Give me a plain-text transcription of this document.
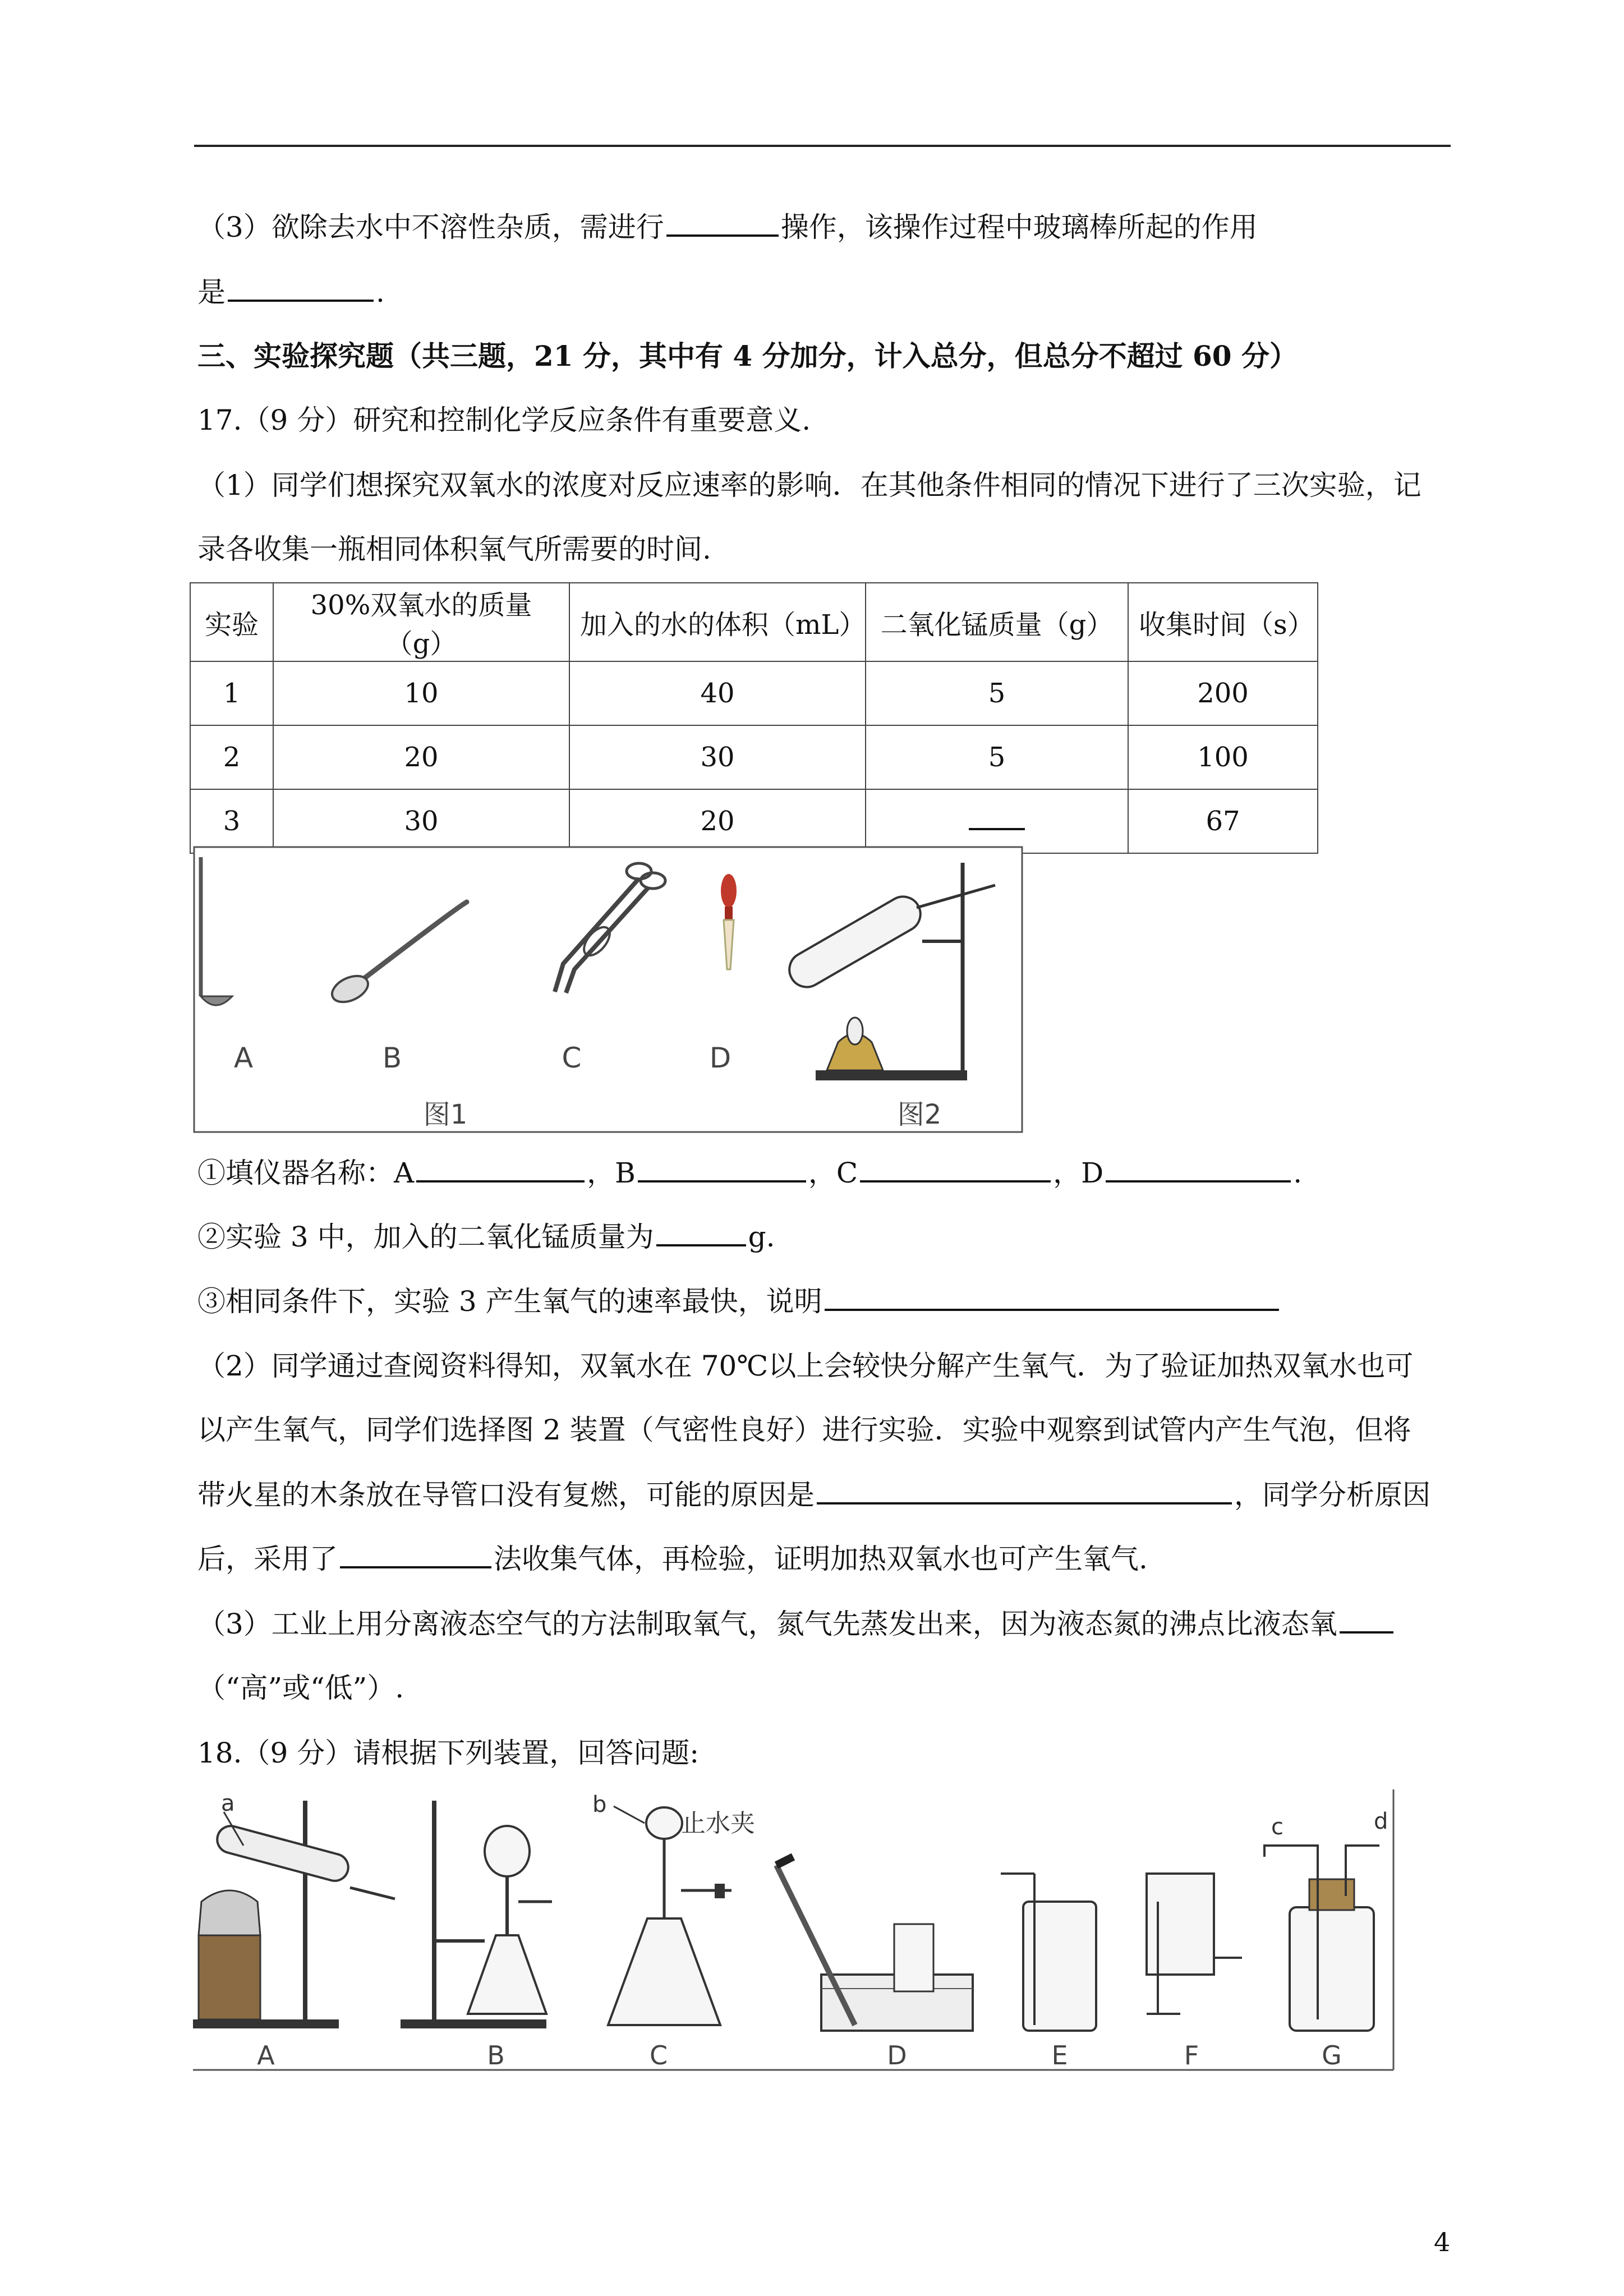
（3）欲除去水中不溶性杂质，需进行	操作，该操作过程中玻璃棒所起的作用
是	.
三、实验探究题（共三题，21 分，其中有 4 分加分，计入总分，但总分不超过 60 分）
17.（9 分）研究和控制化学反应条件有重要意义.
（1）同学们想探究双氧水的浓度对反应速率的影响．在其他条件相同的情况下进行了三次实验，记
录各收集一瓶相同体积氧气所需要的时间.
实验	30%双氧水的质量（g）	加入的水的体积（mL）	二氧化锰质量（g）	收集时间（s）
1	10	40	5	200
2	20	30	5	100
3	30	20		67
A	B	C	D
图1	图2
①填仪器名称：A	，B	，C	，D	.
②实验 3 中，加入的二氧化锰质量为	g.
③相同条件下，实验 3 产生氧气的速率最快，说明
（2）同学通过查阅资料得知，双氧水在 70℃以上会较快分解产生氧气．为了验证加热双氧水也可
以产生氧气，同学们选择图 2 装置（气密性良好）进行实验．实验中观察到试管内产生气泡，但将
带火星的木条放在导管口没有复燃，可能的原因是	，同学分析原因
后，采用了	法收集气体，再检验，证明加热双氧水也可产生氧气.
（3）工业上用分离液态空气的方法制取氧气，氮气先蒸发出来，因为液态氮的沸点比液态氧
（“高”或“低”）.
18.（9 分）请根据下列装置，回答问题:
a	b
止水夹	c	d
A	B	C	D	E	F	G
4
